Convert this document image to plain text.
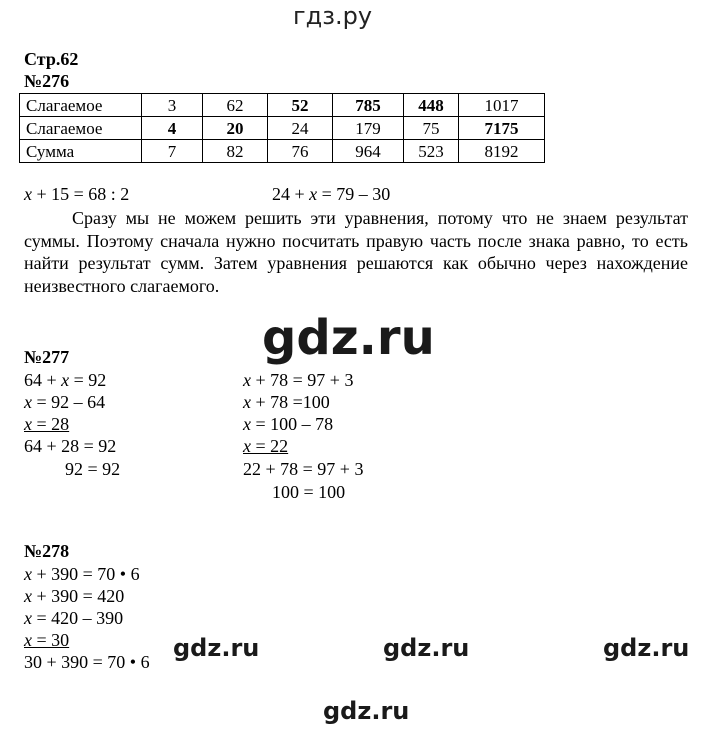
гдз.ру
gdz.ru
gdz.ru	gdz.ru	gdz.ru
gdz.ru
Стр.62
№276
Слагаемое	3	62	52	785	448	1017
Слагаемое	4	20	24	179	75	7175
Сумма	7	82	76	964	523	8192
x + 15 = 68 : 2	24 + x = 79 – 30

Сразу мы не можем решить эти уравнения, потому что не знаем результат суммы. Поэтому сначала нужно посчитать правую часть после знака равно, то есть найти результат сумм. Затем уравнения решаются как обычно через нахождение неизвестного слагаемого.

№277
64 + x = 92
x = 92 – 64
x = 28
64 + 28 = 92
92 = 92
x + 78 = 97 + 3
x + 78 =100
x = 100 – 78
x = 22
22 + 78 = 97 + 3
100 = 100
№278
x + 390 = 70 • 6
x + 390 = 420
x = 420 – 390
x = 30
30 + 390 = 70 • 6
